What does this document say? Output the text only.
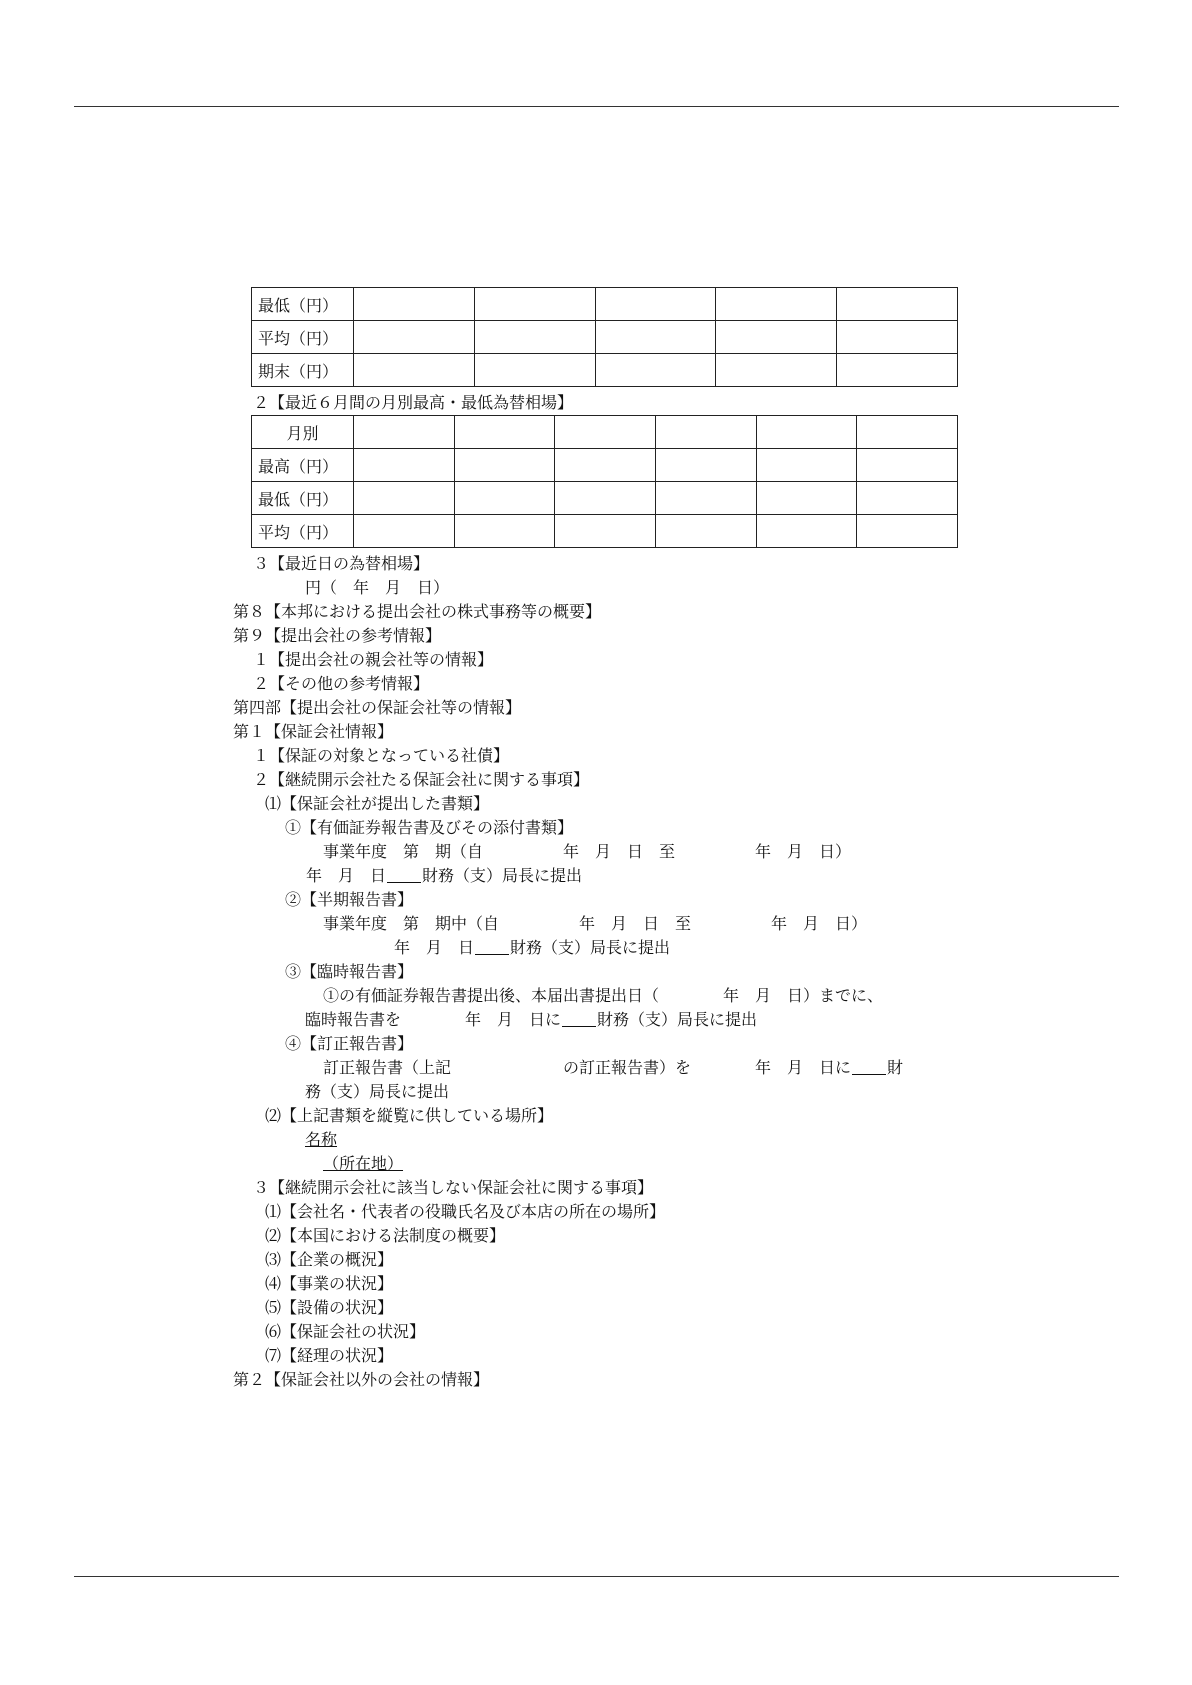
最低（円）					
平均（円）					
期末（円）					
２【最近６月間の月別最高・最低為替相場】
月別						
最高（円）						
最低（円）						
平均（円）						
３【最近日の為替相場】
円（　年　月　日）
第８【本邦における提出会社の株式事務等の概要】
第９【提出会社の参考情報】
１【提出会社の親会社等の情報】
２【その他の参考情報】
第四部【提出会社の保証会社等の情報】
第１【保証会社情報】
１【保証の対象となっている社債】
２【継続開示会社たる保証会社に関する事項】
⑴【保証会社が提出した書類】
①【有価証券報告書及びその添付書類】
事業年度　第　期（自　　　　　年　月　日　至　　　　　年　月　日）
年　月　日 財務（支）局長に提出
②【半期報告書】
事業年度　第　期中（自　　　　　年　月　日　至　　　　　年　月　日）
年　月　日 財務（支）局長に提出
③【臨時報告書】
①の有価証券報告書提出後、本届出書提出日（　　　　年　月　日）までに、
臨時報告書を　　　　年　月　日に 財務（支）局長に提出
④【訂正報告書】
訂正報告書（上記　　　　　　　の訂正報告書）を　　　　年　月　日に 財
務（支）局長に提出
⑵【上記書類を縦覧に供している場所】
名称
（所在地）
３【継続開示会社に該当しない保証会社に関する事項】
⑴【会社名・代表者の役職氏名及び本店の所在の場所】
⑵【本国における法制度の概要】
⑶【企業の概況】
⑷【事業の状況】
⑸【設備の状況】
⑹【保証会社の状況】
⑺【経理の状況】
第２【保証会社以外の会社の情報】
